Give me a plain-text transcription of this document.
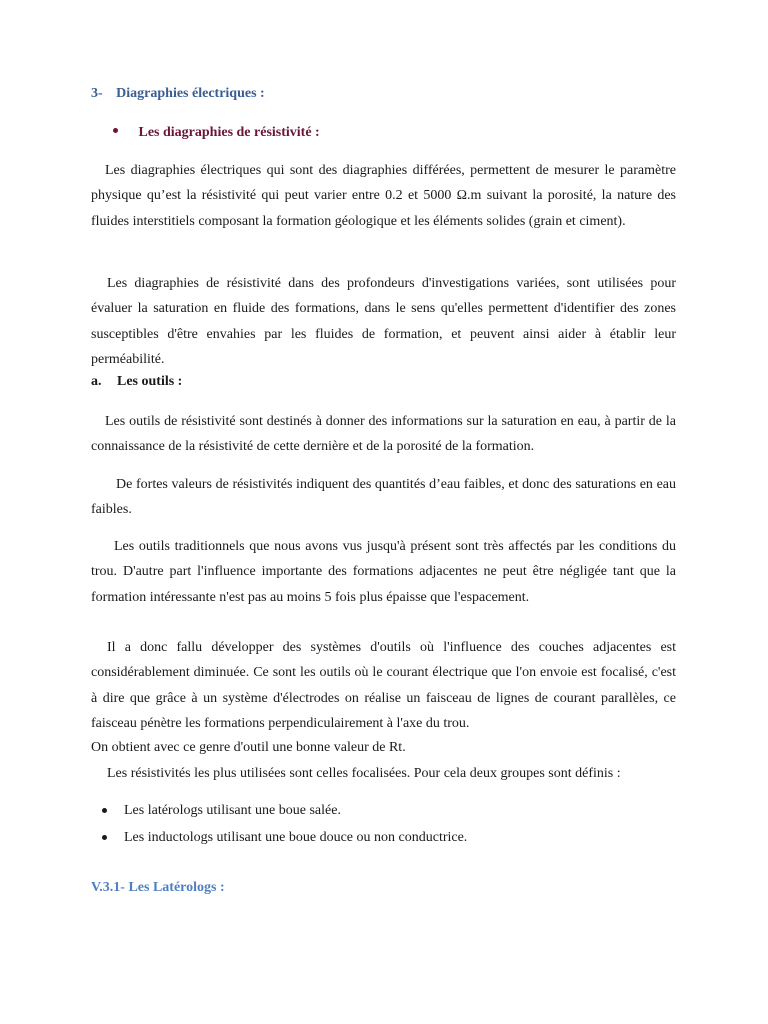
3- Diagraphies électriques :
Les diagraphies de résistivité :

Les diagraphies électriques qui sont des diagraphies différées, permettent de mesurer le paramètre physique qu’est la résistivité qui peut varier entre 0.2 et 5000 Ω.m suivant la porosité, la nature des fluides interstitiels composant la formation géologique et les éléments solides (grain et ciment).

Les diagraphies de résistivité dans des profondeurs d'investigations variées, sont utilisées pour évaluer la saturation en fluide des formations, dans le sens qu'elles permettent d'identifier des zones susceptibles d'être envahies par les fluides de formation, et peuvent ainsi aider à établir leur perméabilité.

a. Les outils :

Les outils de résistivité sont destinés à donner des informations sur la saturation en eau, à partir de la connaissance de la résistivité de cette dernière et de la porosité de la formation.

De fortes valeurs de résistivités indiquent des quantités d’eau faibles, et donc des saturations en eau faibles.

Les outils traditionnels que nous avons vus jusqu'à présent sont très affectés par les conditions du trou. D'autre part l'influence importante des formations adjacentes ne peut être négligée tant que la formation intéressante n'est pas au moins 5 fois plus épaisse que l'espacement.

Il a donc fallu développer des systèmes d'outils où l'influence des couches adjacentes est considérablement diminuée. Ce sont les outils où le courant électrique que l'on envoie est focalisé, c'est à dire que grâce à un système d'électrodes on réalise un faisceau de lignes de courant parallèles, ce faisceau pénètre les formations perpendiculairement à l'axe du trou.

On obtient avec ce genre d'outil une bonne valeur de Rt.
Les résistivités les plus utilisées sont celles focalisées. Pour cela deux groupes sont définis :
Les latérologs utilisant une boue salée.
Les inductologs utilisant une boue douce ou non conductrice.
V.3.1- Les Latérologs :
